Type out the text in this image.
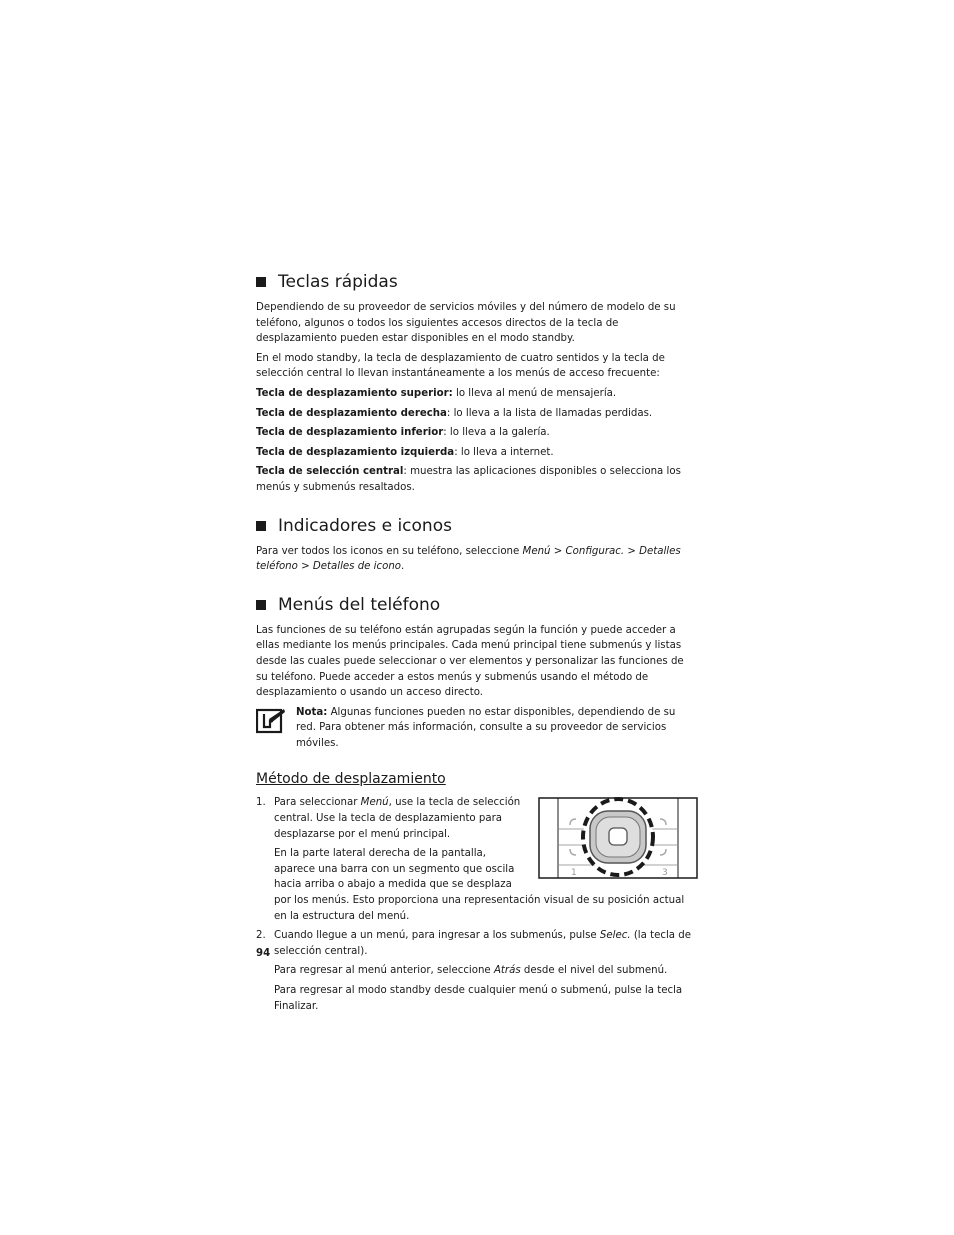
Teclas rápidas

Dependiendo de su proveedor de servicios móviles y del número de modelo de su teléfono, algunos o todos los siguientes accesos directos de la tecla de desplazamiento pueden estar disponibles en el modo standby.

En el modo standby, la tecla de desplazamiento de cuatro sentidos y la tecla de selección central lo llevan instantáneamente a los menús de acceso frecuente:

Tecla de desplazamiento superior: lo lleva al menú de mensajería.

Tecla de desplazamiento derecha: lo lleva a la lista de llamadas perdidas.

Tecla de desplazamiento inferior: lo lleva a la galería.

Tecla de desplazamiento izquierda: lo lleva a internet.

Tecla de selección central: muestra las aplicaciones disponibles o selecciona los menús y submenús resaltados.

Indicadores e iconos

Para ver todos los iconos en su teléfono, seleccione Menú > Configurac. > Detalles teléfono > Detalles de icono.

Menús del teléfono

Las funciones de su teléfono están agrupadas según la función y puede acceder a ellas mediante los menús principales. Cada menú principal tiene submenús y listas desde las cuales puede seleccionar o ver elementos y personalizar las funciones de su teléfono. Puede acceder a estos menús y submenús usando el método de desplazamiento o usando un acceso directo.

Nota: Algunas funciones pueden no estar disponibles, dependiendo de su red. Para obtener más información, consulte a su proveedor de servicios móviles.

Método de desplazamiento
1.
1	3

Para seleccionar Menú, use la tecla de selección central. Use la tecla de desplazamiento para desplazarse por el menú principal.

En la parte lateral derecha de la pantalla, aparece una barra con un segmento que oscila hacia arriba o abajo a medida que se desplaza por los menús. Esto proporciona una representación visual de su posición actual en la estructura del menú.

2. Cuando llegue a un menú, para ingresar a los submenús, pulse Selec. (la tecla de selección central).

Para regresar al menú anterior, seleccione Atrás desde el nivel del submenú.

Para regresar al modo standby desde cualquier menú o submenú, pulse la tecla Finalizar.

94
